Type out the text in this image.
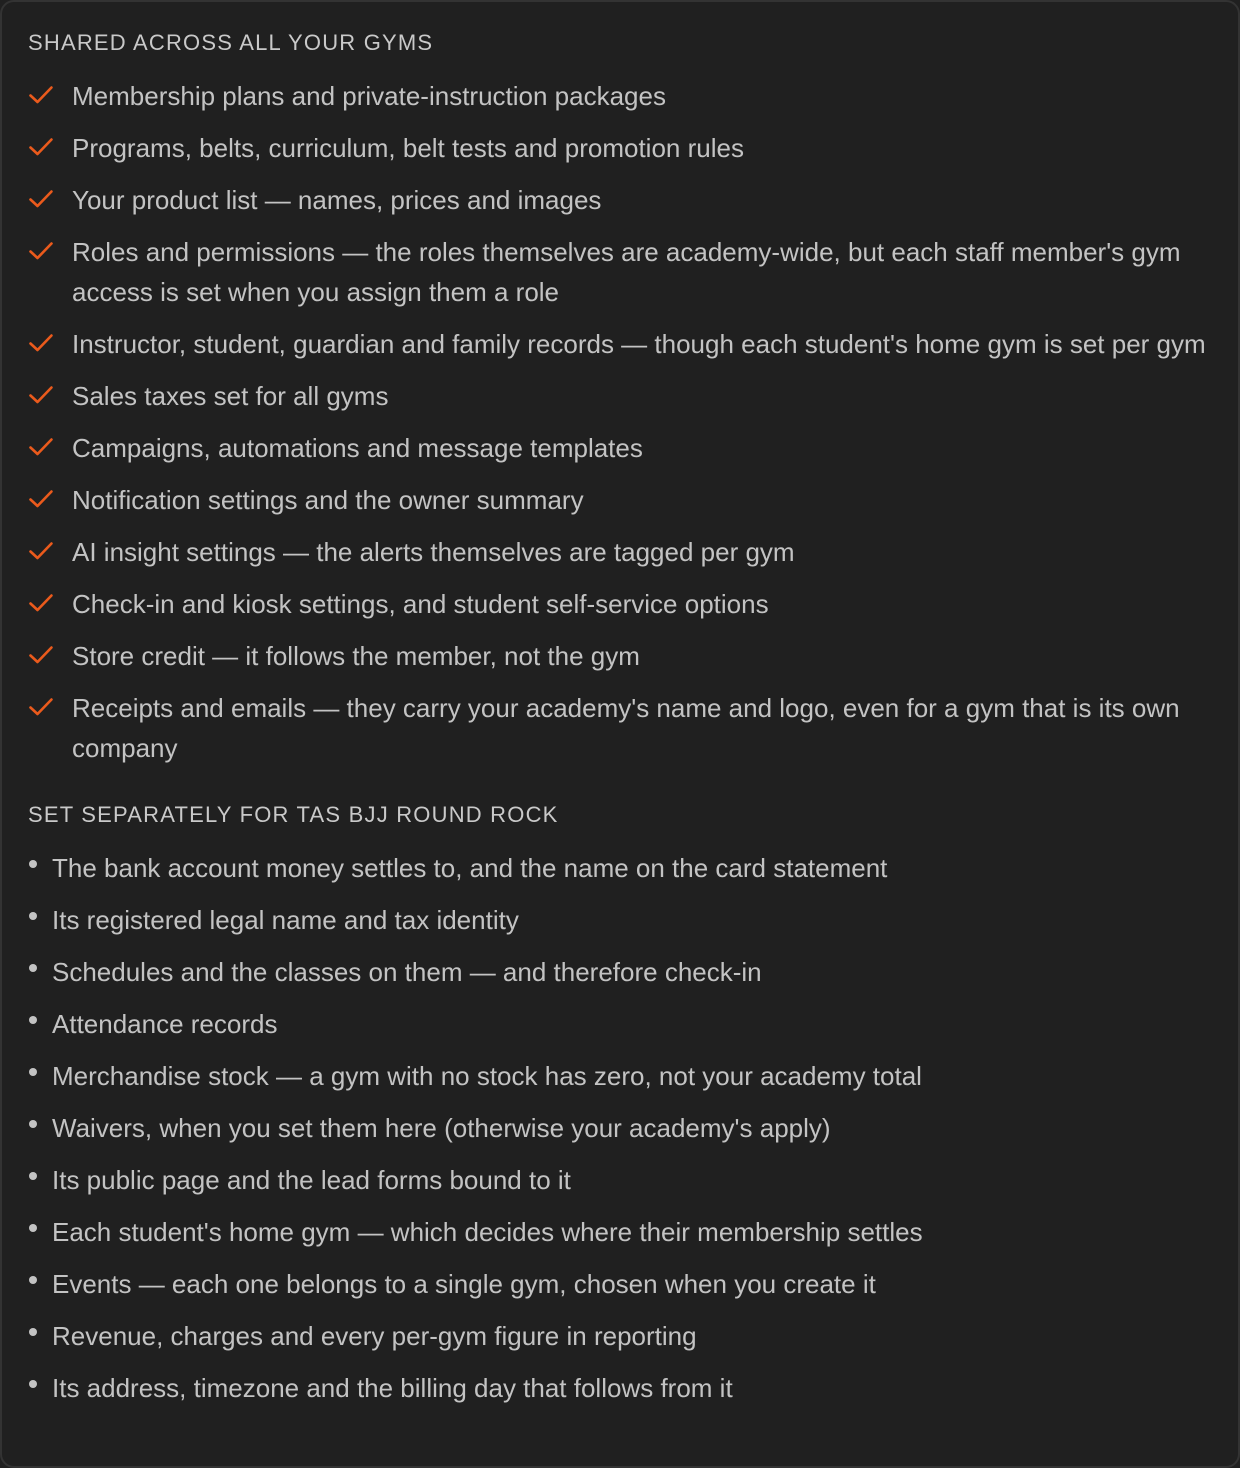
SHARED ACROSS ALL YOUR GYMS
Membership plans and private-instruction packages
Programs, belts, curriculum, belt tests and promotion rules
Your product list — names, prices and images
Roles and permissions — the roles themselves are academy-wide, but each staff member's gym access is set when you assign them a role
Instructor, student, guardian and family records — though each student's home gym is set per gym
Sales taxes set for all gyms
Campaigns, automations and message templates
Notification settings and the owner summary
AI insight settings — the alerts themselves are tagged per gym
Check-in and kiosk settings, and student self-service options
Store credit — it follows the member, not the gym
Receipts and emails — they carry your academy's name and logo, even for a gym that is its own company
SET SEPARATELY FOR TAS BJJ ROUND ROCK
The bank account money settles to, and the name on the card statement
Its registered legal name and tax identity
Schedules and the classes on them — and therefore check-in
Attendance records
Merchandise stock — a gym with no stock has zero, not your academy total
Waivers, when you set them here (otherwise your academy's apply)
Its public page and the lead forms bound to it
Each student's home gym — which decides where their membership settles
Events — each one belongs to a single gym, chosen when you create it
Revenue, charges and every per-gym figure in reporting
Its address, timezone and the billing day that follows from it
